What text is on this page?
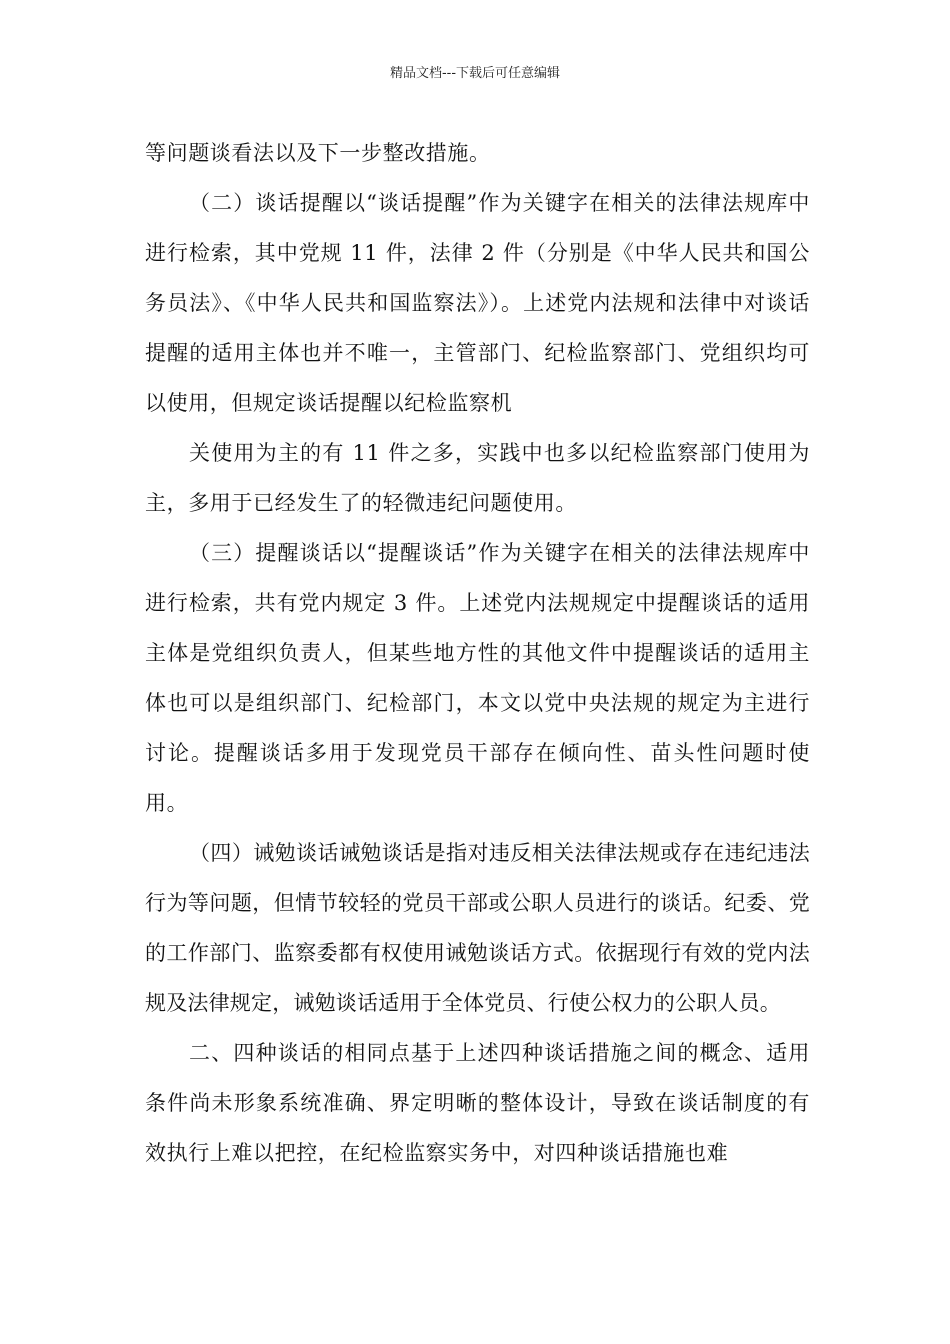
精品文档---下载后可任意编辑

等问题谈看法以及下一步整改措施。

（二）谈话提醒以“谈话提醒”作为关键字在相关的法律法规库中进行检索，其中党规 11 件，法律 2 件（分别是《中华人民共和国公务员法》、《中华人民共和国监察法》）。上述党内法规和法律中对谈话提醒的适用主体也并不唯一，主管部门、纪检监察部门、党组织均可以使用，但规定谈话提醒以纪检监察机

关使用为主的有 11 件之多，实践中也多以纪检监察部门使用为主，多用于已经发生了的轻微违纪问题使用。

（三）提醒谈话以“提醒谈话”作为关键字在相关的法律法规库中进行检索，共有党内规定 3 件。上述党内法规规定中提醒谈话的适用主体是党组织负责人，但某些地方性的其他文件中提醒谈话的适用主体也可以是组织部门、纪检部门，本文以党中央法规的规定为主进行讨论。提醒谈话多用于发现党员干部存在倾向性、苗头性问题时使用。

（四）诫勉谈话诫勉谈话是指对违反相关法律法规或存在违纪违法行为等问题，但情节较轻的党员干部或公职人员进行的谈话。纪委、党的工作部门、监察委都有权使用诫勉谈话方式。依据现行有效的党内法规及法律规定，诫勉谈话适用于全体党员、行使公权力的公职人员。

二、四种谈话的相同点基于上述四种谈话措施之间的概念、适用条件尚未形象系统准确、界定明晰的整体设计，导致在谈话制度的有效执行上难以把控，在纪检监察实务中，对四种谈话措施也难
